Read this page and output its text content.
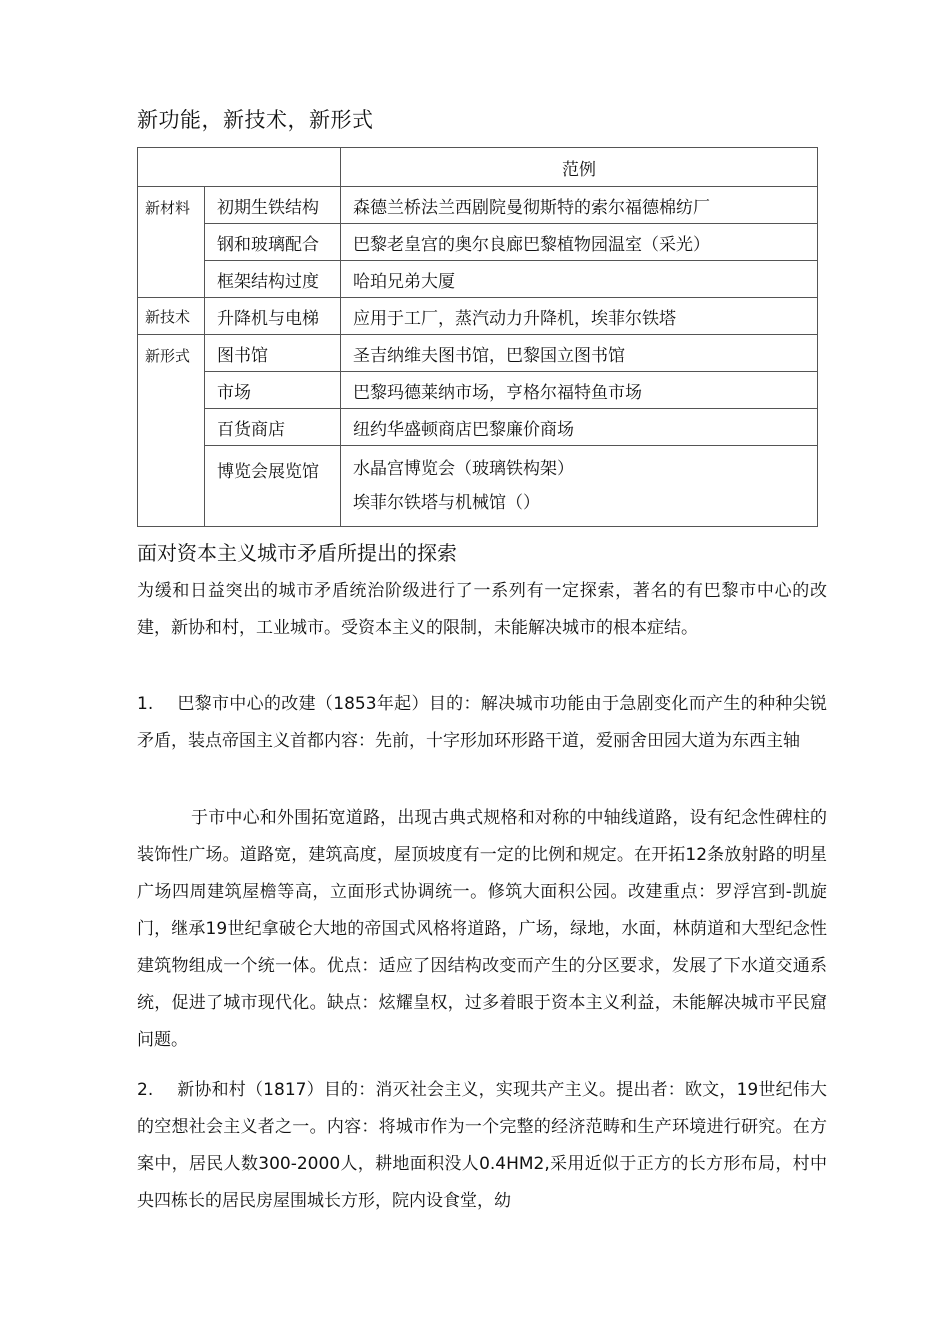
新功能，新技术，新形式
		范例
新材料	初期生铁结构	森德兰桥法兰西剧院曼彻斯特的索尔福德棉纺厂
	钢和玻璃配合	巴黎老皇宫的奥尔良廊巴黎植物园温室（采光）
	框架结构过度	哈珀兄弟大厦
新技术	升降机与电梯	应用于工厂，蒸汽动力升降机，埃菲尔铁塔
新形式	图书馆	圣吉纳维夫图书馆，巴黎国立图书馆
	市场	巴黎玛德莱纳市场，亨格尔福特鱼市场
	百货商店	纽约华盛顿商店巴黎廉价商场
	博览会展览馆	水晶宫博览会（玻璃铁构架）
埃菲尔铁塔与机械馆（）
面对资本主义城市矛盾所提出的探索
为缓和日益突出的城市矛盾统治阶级进行了一系列有一定探索，著名的有巴黎市中心的改建，新协和村，工业城市。受资本主义的限制，未能解决城市的根本症结。
1. 巴黎市中心的改建（1853年起）目的：解决城市功能由于急剧变化而产生的种种尖锐矛盾，装点帝国主义首都内容：先前，十字形加环形路干道，爱丽舍田园大道为东西主轴
于市中心和外围拓宽道路，出现古典式规格和对称的中轴线道路，设有纪念性碑柱的装饰性广场。道路宽，建筑高度，屋顶坡度有一定的比例和规定。在开拓12条放射路的明星广场四周建筑屋檐等高，立面形式协调统一。修筑大面积公园。改建重点：罗浮宫到-凯旋门，继承19世纪拿破仑大地的帝国式风格将道路，广场，绿地，水面，林荫道和大型纪念性建筑物组成一个统一体。优点：适应了因结构改变而产生的分区要求，发展了下水道交通系统，促进了城市现代化。缺点：炫耀皇权，过多着眼于资本主义利益，未能解决城市平民窟问题。
2. 新协和村（1817）目的：消灭社会主义，实现共产主义。提出者：欧文，19世纪伟大的空想社会主义者之一。内容：将城市作为一个完整的经济范畴和生产环境进行研究。在方案中，居民人数300-2000人，耕地面积没人0.4HM2,采用近似于正方的长方形布局，村中央四栋长的居民房屋围城长方形，院内设食堂，幼
